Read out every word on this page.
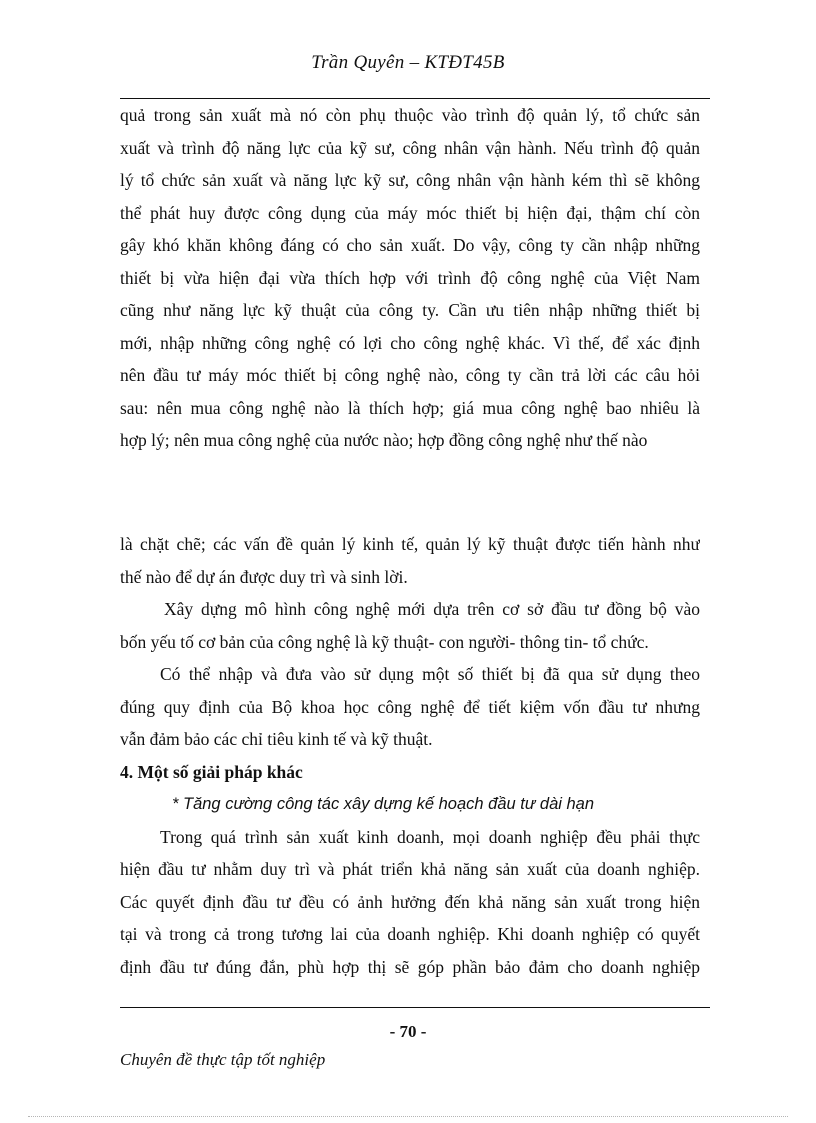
Trần Quyên – KTĐT45B
quả trong sản xuất mà nó còn phụ thuộc vào trình độ quản lý, tổ chức sản
xuất và trình độ năng lực của kỹ sư, công nhân vận hành. Nếu trình độ quản
lý tổ chức sản xuất và năng lực kỹ sư, công nhân vận hành kém thì sẽ không
thể phát huy được công dụng của máy móc thiết bị hiện đại, thậm chí còn
gây khó khăn không đáng có cho sản xuất. Do vậy, công ty cần nhập những
thiết bị vừa hiện đại vừa thích hợp với trình độ công nghệ của Việt Nam
cũng như năng lực kỹ thuật của công ty. Cần ưu tiên nhập những thiết bị
mới, nhập những công nghệ có lợi cho công nghệ khác. Vì thế, để xác định
nên đầu tư máy móc thiết bị công nghệ nào, công ty cần trả lời các câu hỏi
sau: nên mua công nghệ nào là thích hợp; giá mua công nghệ bao nhiêu là
hợp lý; nên mua công nghệ của nước nào; hợp đồng công nghệ như thế nào
là chặt chẽ; các vấn đề quản lý kinh tế, quản lý kỹ thuật được tiến hành như
thế nào để dự án được duy trì và sinh lời.
Xây dựng mô hình công nghệ mới dựa trên cơ sở đầu tư đồng bộ vào
bốn yếu tố cơ bản của công nghệ là kỹ thuật- con người- thông tin- tổ chức.
Có thể nhập và đưa vào sử dụng một số thiết bị đã qua sử dụng theo
đúng quy định của Bộ khoa học công nghệ để tiết kiệm vốn đầu tư nhưng
vẫn đảm bảo các chỉ tiêu kinh tế và kỹ thuật.
4. Một số giải pháp khác
* Tăng cường công tác xây dựng kế hoạch đầu tư dài hạn
Trong quá trình sản xuất kinh doanh, mọi doanh nghiệp đều phải thực
hiện đầu tư nhằm duy trì và phát triển khả năng sản xuất của doanh nghiệp.
Các quyết định đầu tư đều có ảnh hưởng đến khả năng sản xuất trong hiện
tại và trong cả trong tương lai của doanh nghiệp. Khi doanh nghiệp có quyết
định đầu tư đúng đắn, phù hợp thị sẽ góp phần bảo đảm cho doanh nghiệp
- 70 -
Chuyên đề thực tập tốt nghiệp
